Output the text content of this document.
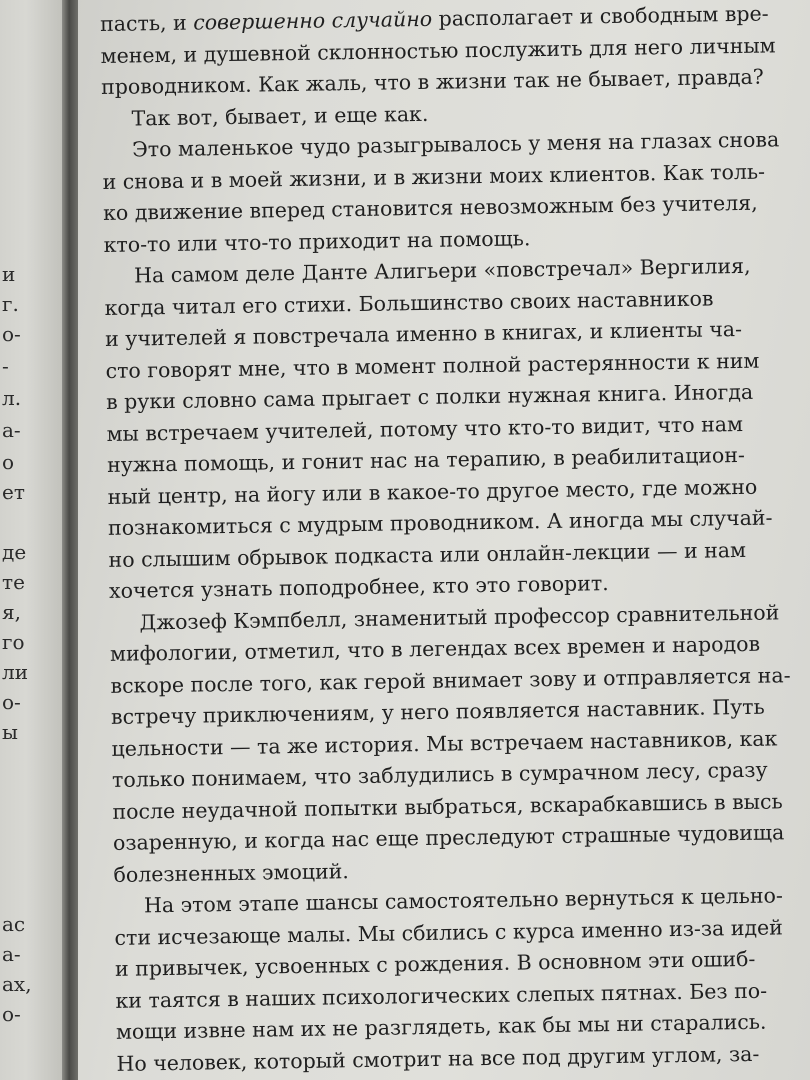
и
г.
о-
-
л.
а-
о
ет
де
те
я,
го
ли
о-
ы
ас
а-
ах,
о-
пасть, и совершенно случайно располагает и свободным вре-
менем, и душевной склонностью послужить для него личным
проводником. Как жаль, что в жизни так не бывает, правда?
Так вот, бывает, и еще как.
Это маленькое чудо разыгрывалось у меня на глазах снова
и снова и в моей жизни, и в жизни моих клиентов. Как толь-
ко движение вперед становится невозможным без учителя,
кто-то или что-то приходит на помощь.
На самом деле Данте Алигьери «повстречал» Вергилия,
когда читал его стихи. Большинство своих наставников
и учителей я повстречала именно в книгах, и клиенты ча-
сто говорят мне, что в момент полной растерянности к ним
в руки словно сама прыгает с полки нужная книга. Иногда
мы встречаем учителей, потому что кто-то видит, что нам
нужна помощь, и гонит нас на терапию, в реабилитацион-
ный центр, на йогу или в какое-то другое место, где можно
познакомиться с мудрым проводником. А иногда мы случай-
но слышим обрывок подкаста или онлайн-лекции — и нам
хочется узнать поподробнее, кто это говорит.
Джозеф Кэмпбелл, знаменитый профессор сравнительной
мифологии, отметил, что в легендах всех времен и народов
вскоре после того, как герой внимает зову и отправляется на-
встречу приключениям, у него появляется наставник. Путь
цельности — та же история. Мы встречаем наставников, как
только понимаем, что заблудились в сумрачном лесу, сразу
после неудачной попытки выбраться, вскарабкавшись в высь
озаренную, и когда нас еще преследуют страшные чудовища
болезненных эмоций.
На этом этапе шансы самостоятельно вернуться к цельно-
сти исчезающе малы. Мы сбились с курса именно из-за идей
и привычек, усвоенных с рождения. В основном эти ошиб-
ки таятся в наших психологических слепых пятнах. Без по-
мощи извне нам их не разглядеть, как бы мы ни старались.
Но человек, который смотрит на все под другим углом, за-
